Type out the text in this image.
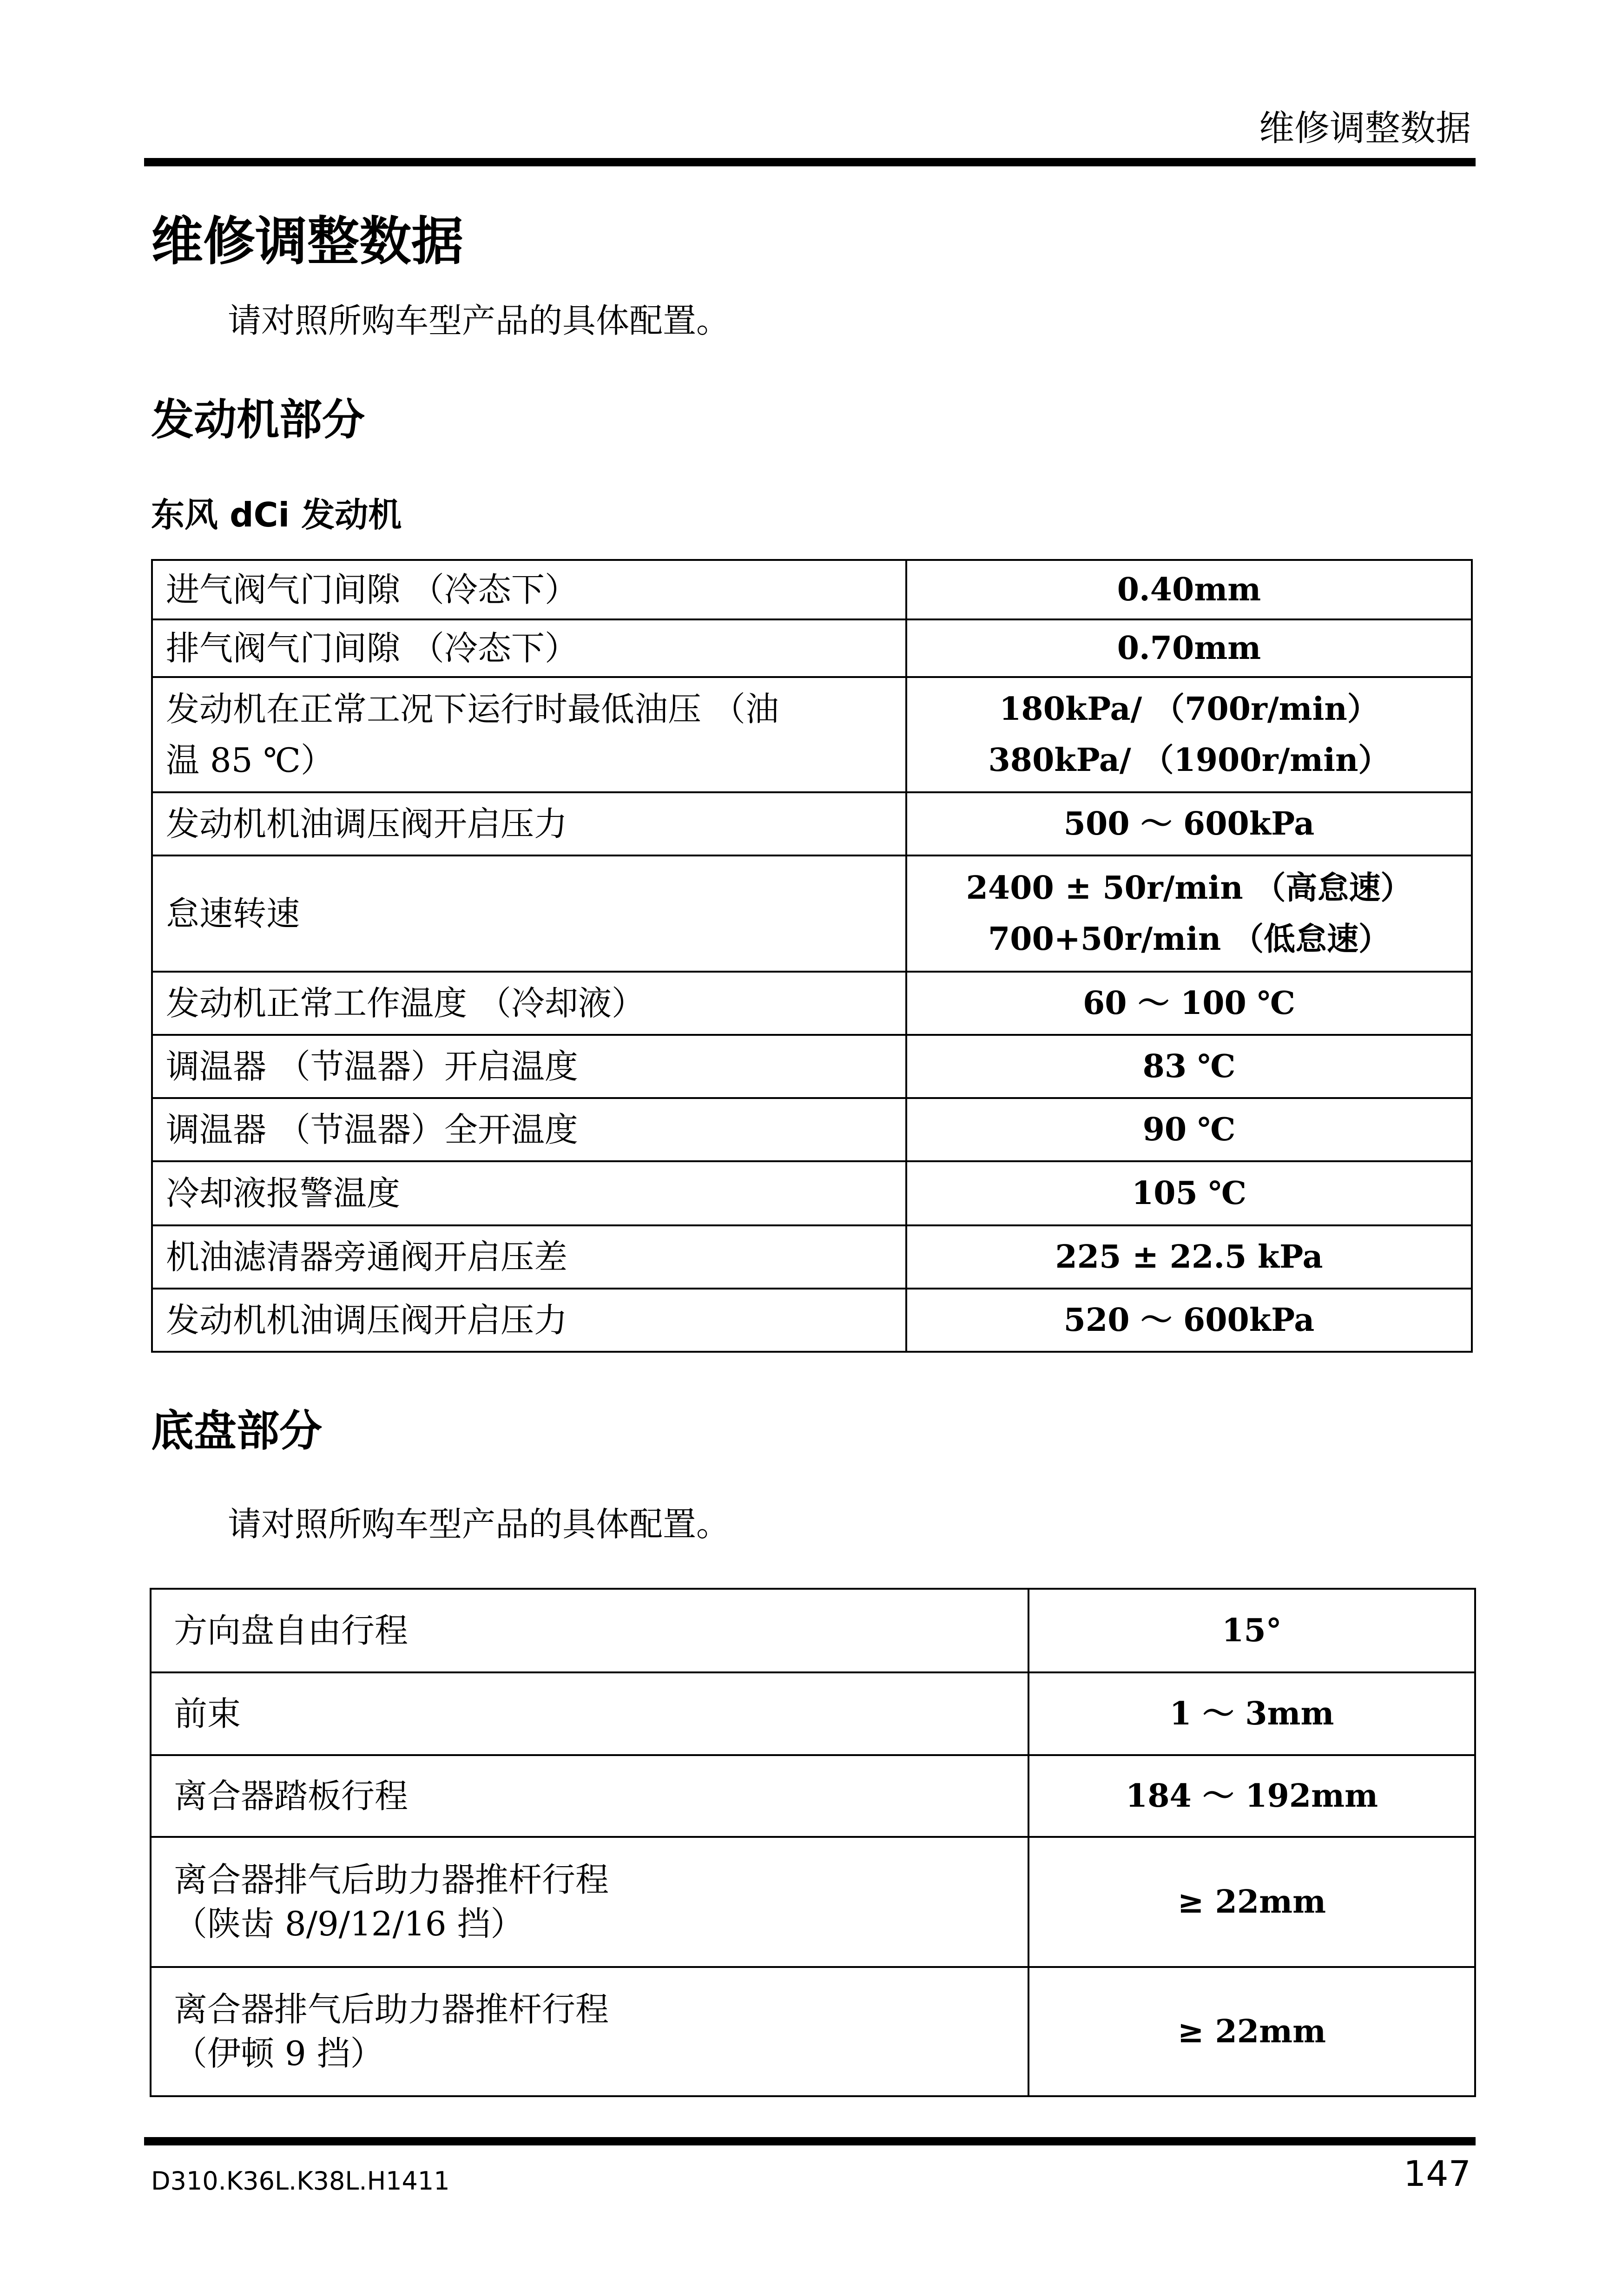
维修调整数据
维修调整数据
请对照所购车型产品的具体配置。
发动机部分
东风 dCi 发动机
进气阀气门间隙 （冷态下）	0.40mm

排气阀气门间隙 （冷态下）	0.70mm

发动机在正常工况下运行时最低油压 （油
温 85 ℃）	180kPa/ （700r/min）
380kPa/ （1900r/min）

发动机机油调压阀开启压力	500 ～ 600kPa

怠速转速	2400 ± 50r/min （高怠速）
700+50r/min （低怠速）

发动机正常工作温度 （冷却液）	60 ～ 100 ℃

调温器 （节温器）开启温度	83 ℃

调温器 （节温器）全开温度	90 ℃

冷却液报警温度	105 ℃

机油滤清器旁通阀开启压差	225 ± 22.5 kPa

发动机机油调压阀开启压力	520 ～ 600kPa
底盘部分
请对照所购车型产品的具体配置。
方向盘自由行程	15°

前束	1 ～ 3mm

离合器踏板行程	184 ～ 192mm

离合器排气后助力器推杆行程
（陕齿 8/9/12/16 挡）	≥ 22mm

离合器排气后助力器推杆行程
（伊顿 9 挡）	≥ 22mm
D310.K36L.K38L.H1411	147
